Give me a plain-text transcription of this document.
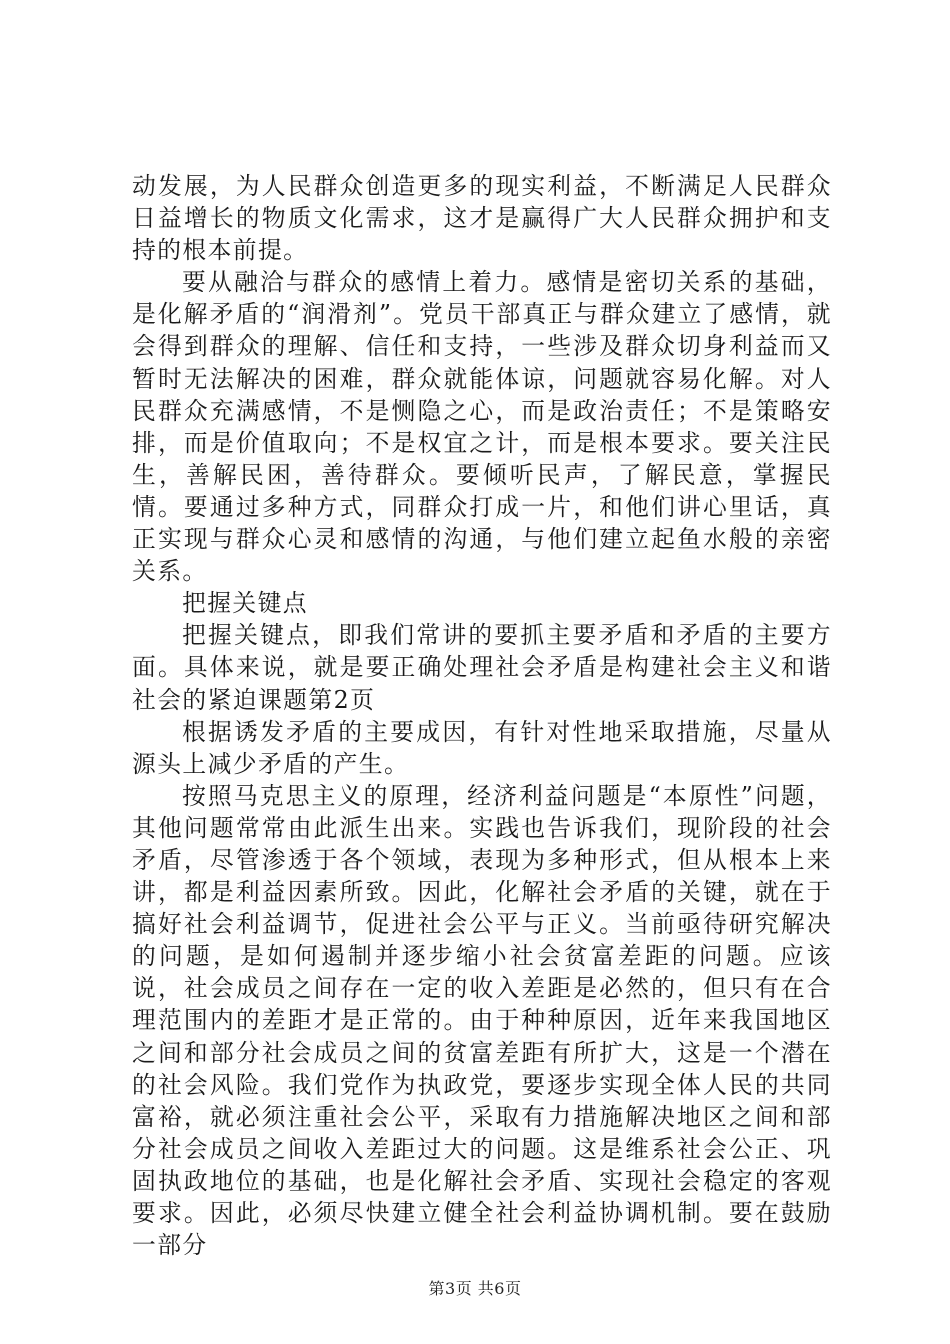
动发展，为人民群众创造更多的现实利益，不断满足人民群众日益增长的物质文化需求，这才是赢得广大人民群众拥护和支持的根本前提。

要从融洽与群众的感情上着力。感情是密切关系的基础，是化解矛盾的“润滑剂”。党员干部真正与群众建立了感情，就会得到群众的理解、信任和支持，一些涉及群众切身利益而又暂时无法解决的困难，群众就能体谅，问题就容易化解。对人民群众充满感情，不是恻隐之心，而是政治责任；不是策略安排，而是价值取向；不是权宜之计，而是根本要求。要关注民生，善解民困，善待群众。要倾听民声，了解民意，掌握民情。要通过多种方式，同群众打成一片，和他们讲心里话，真正实现与群众心灵和感情的沟通，与他们建立起鱼水般的亲密关系。

把握关键点

把握关键点，即我们常讲的要抓主要矛盾和矛盾的主要方面。具体来说，就是要正确处理社会矛盾是构建社会主义和谐社会的紧迫课题第2页

根据诱发矛盾的主要成因，有针对性地采取措施，尽量从源头上减少矛盾的产生。

按照马克思主义的原理，经济利益问题是“本原性”问题，其他问题常常由此派生出来。实践也告诉我们，现阶段的社会矛盾，尽管渗透于各个领域，表现为多种形式，但从根本上来讲，都是利益因素所致。因此，化解社会矛盾的关键，就在于搞好社会利益调节，促进社会公平与正义。当前亟待研究解决的问题，是如何遏制并逐步缩小社会贫富差距的问题。应该说，社会成员之间存在一定的收入差距是必然的，但只有在合理范围内的差距才是正常的。由于种种原因，近年来我国地区之间和部分社会成员之间的贫富差距有所扩大，这是一个潜在的社会风险。我们党作为执政党，要逐步实现全体人民的共同富裕，就必须注重社会公平，采取有力措施解决地区之间和部分社会成员之间收入差距过大的问题。这是维系社会公正、巩固执政地位的基础，也是化解社会矛盾、实现社会稳定的客观要求。因此，必须尽快建立健全社会利益协调机制。要在鼓励一部分

第3页 共6页
